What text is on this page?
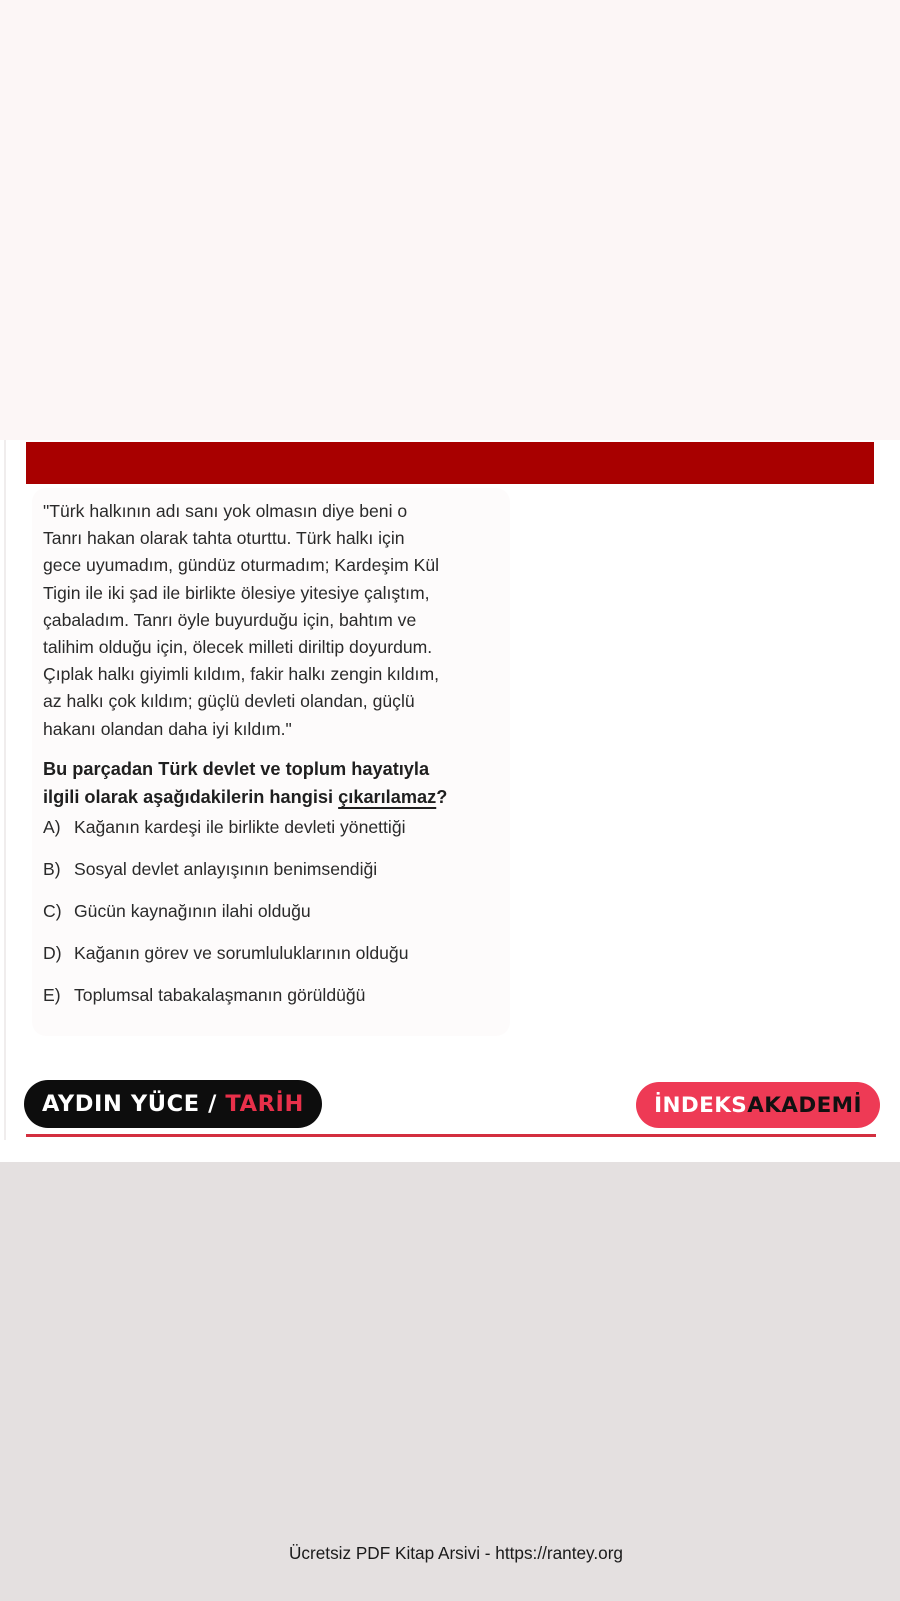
"Türk halkının adı sanı yok olmasın diye beni o
Tanrı hakan olarak tahta oturttu. Türk halkı için
gece uyumadım, gündüz oturmadım; Kardeşim Kül
Tigin ile iki şad ile birlikte ölesiye yitesiye çalıştım,
çabaladım. Tanrı öyle buyurduğu için, bahtım ve
talihim olduğu için, ölecek milleti diriltip doyurdum.
Çıplak halkı giyimli kıldım, fakir halkı zengin kıldım,
az halkı çok kıldım; güçlü devleti olandan, güçlü
hakanı olandan daha iyi kıldım."

Bu parçadan Türk devlet ve toplum hayatıyla
ilgili olarak aşağıdakilerin hangisi çıkarılamaz?

A) Kağanın kardeşi ile birlikte devleti yönettiği
B) Sosyal devlet anlayışının benimsendiği
C) Gücün kaynağının ilahi olduğu
D) Kağanın görev ve sorumluluklarının olduğu
E) Toplumsal tabakalaşmanın görüldüğü
AYDIN YÜCE /
TARİH	İNDEKS AKADEMİ
Ücretsiz PDF Kitap Arsivi - https://rantey.org
